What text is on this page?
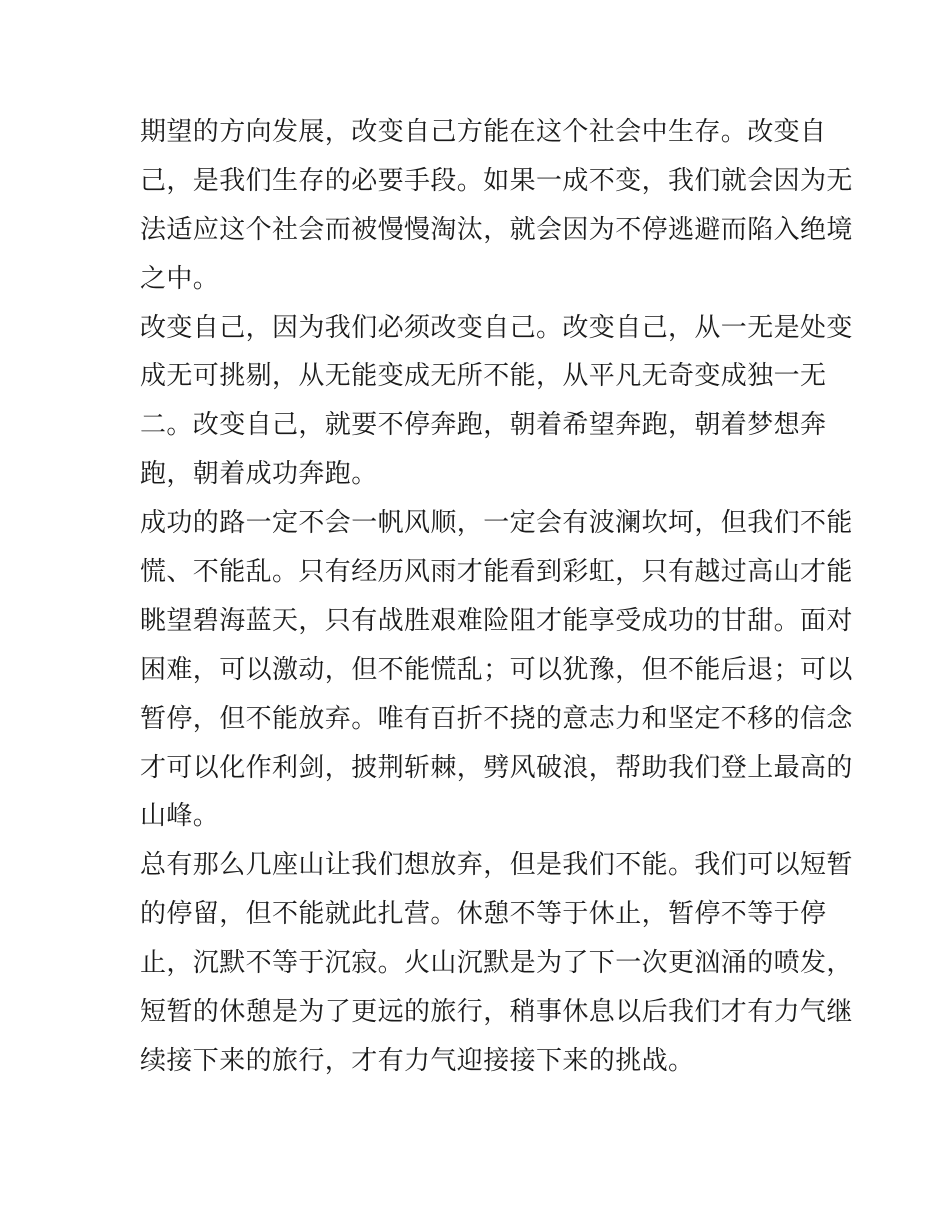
期望的方向发展，改变自己方能在这个社会中生存。改变自
己，是我们生存的必要手段。如果一成不变，我们就会因为无
法适应这个社会而被慢慢淘汰，就会因为不停逃避而陷入绝境
之中。
改变自己，因为我们必须改变自己。改变自己，从一无是处变
成无可挑剔，从无能变成无所不能，从平凡无奇变成独一无
二。改变自己，就要不停奔跑，朝着希望奔跑，朝着梦想奔
跑，朝着成功奔跑。
成功的路一定不会一帆风顺，一定会有波澜坎坷，但我们不能
慌、不能乱。只有经历风雨才能看到彩虹，只有越过高山才能
眺望碧海蓝天，只有战胜艰难险阻才能享受成功的甘甜。面对
困难，可以激动，但不能慌乱；可以犹豫，但不能后退；可以
暂停，但不能放弃。唯有百折不挠的意志力和坚定不移的信念
才可以化作利剑，披荆斩棘，劈风破浪，帮助我们登上最高的
山峰。
总有那么几座山让我们想放弃，但是我们不能。我们可以短暂
的停留，但不能就此扎营。休憩不等于休止，暂停不等于停
止，沉默不等于沉寂。火山沉默是为了下一次更汹涌的喷发，
短暂的休憩是为了更远的旅行，稍事休息以后我们才有力气继
续接下来的旅行，才有力气迎接接下来的挑战。
